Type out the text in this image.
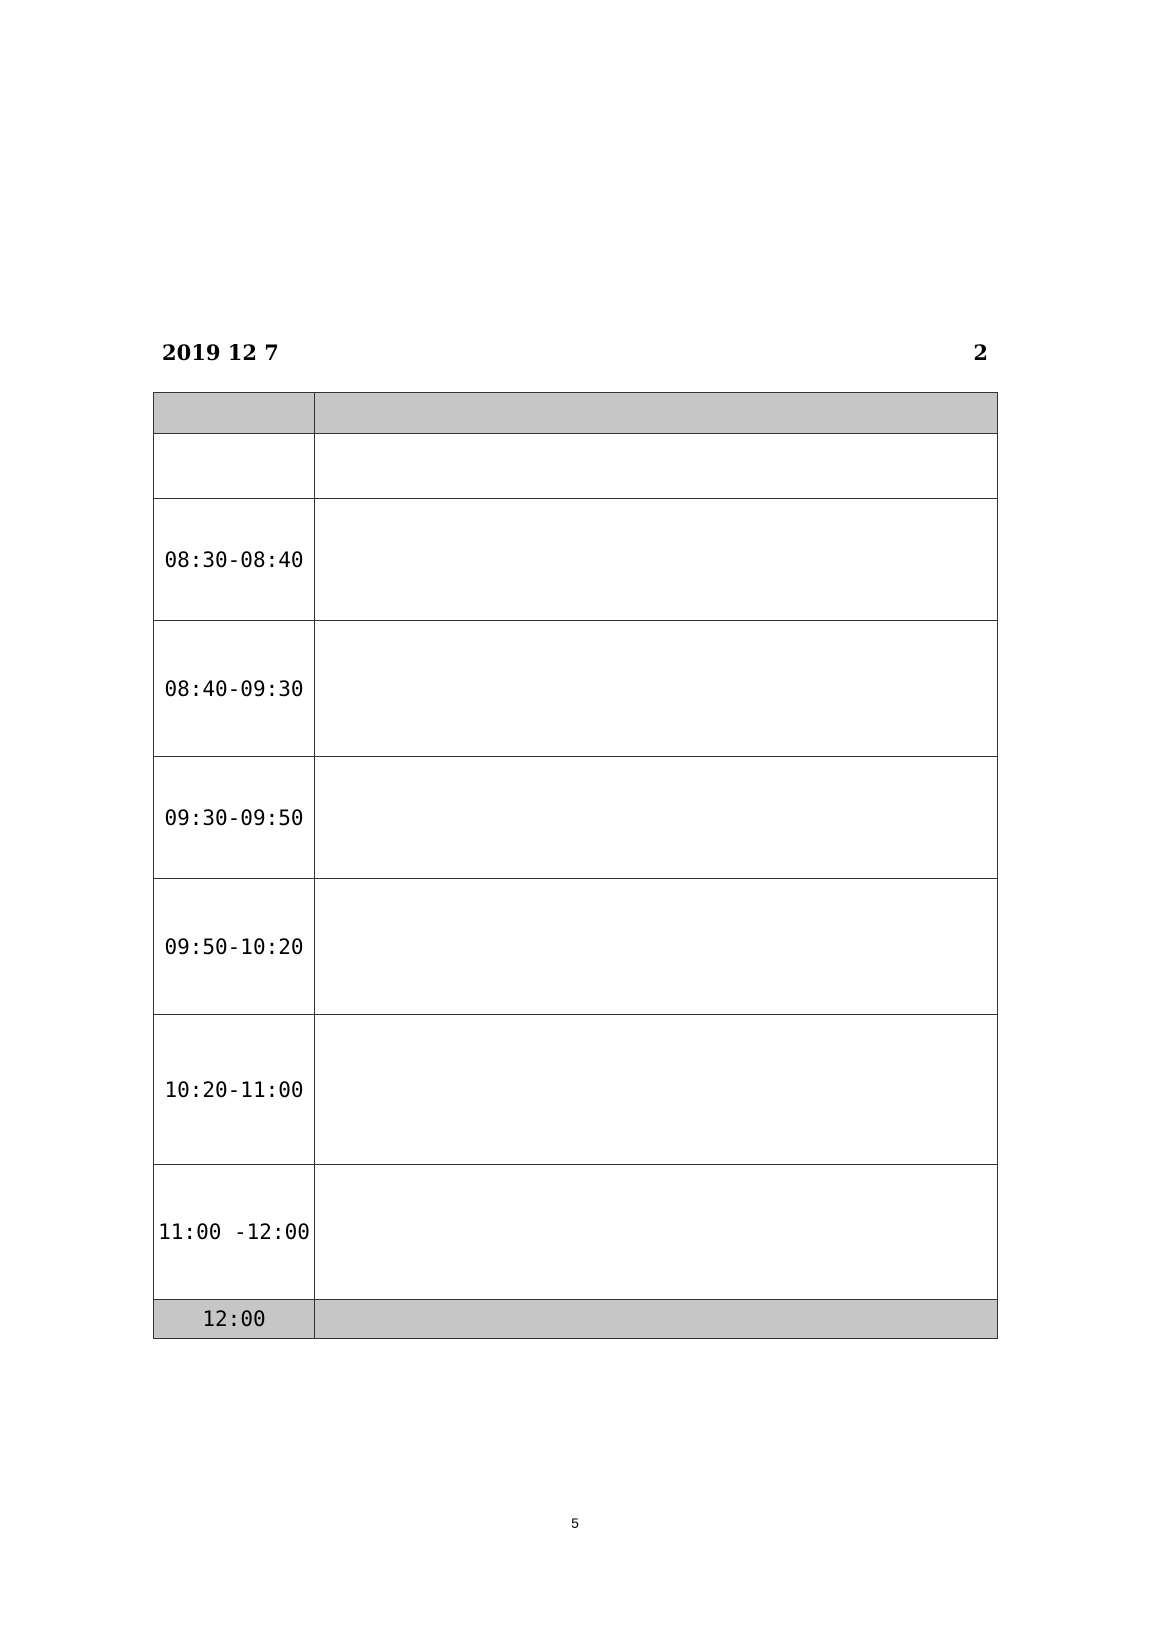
2019 12 7	2

08:30-08:40	

08:40-09:30	

09:30-09:50	

09:50-10:20	

10:20-11:00	

11:00 -12:00	

12:00	
5
